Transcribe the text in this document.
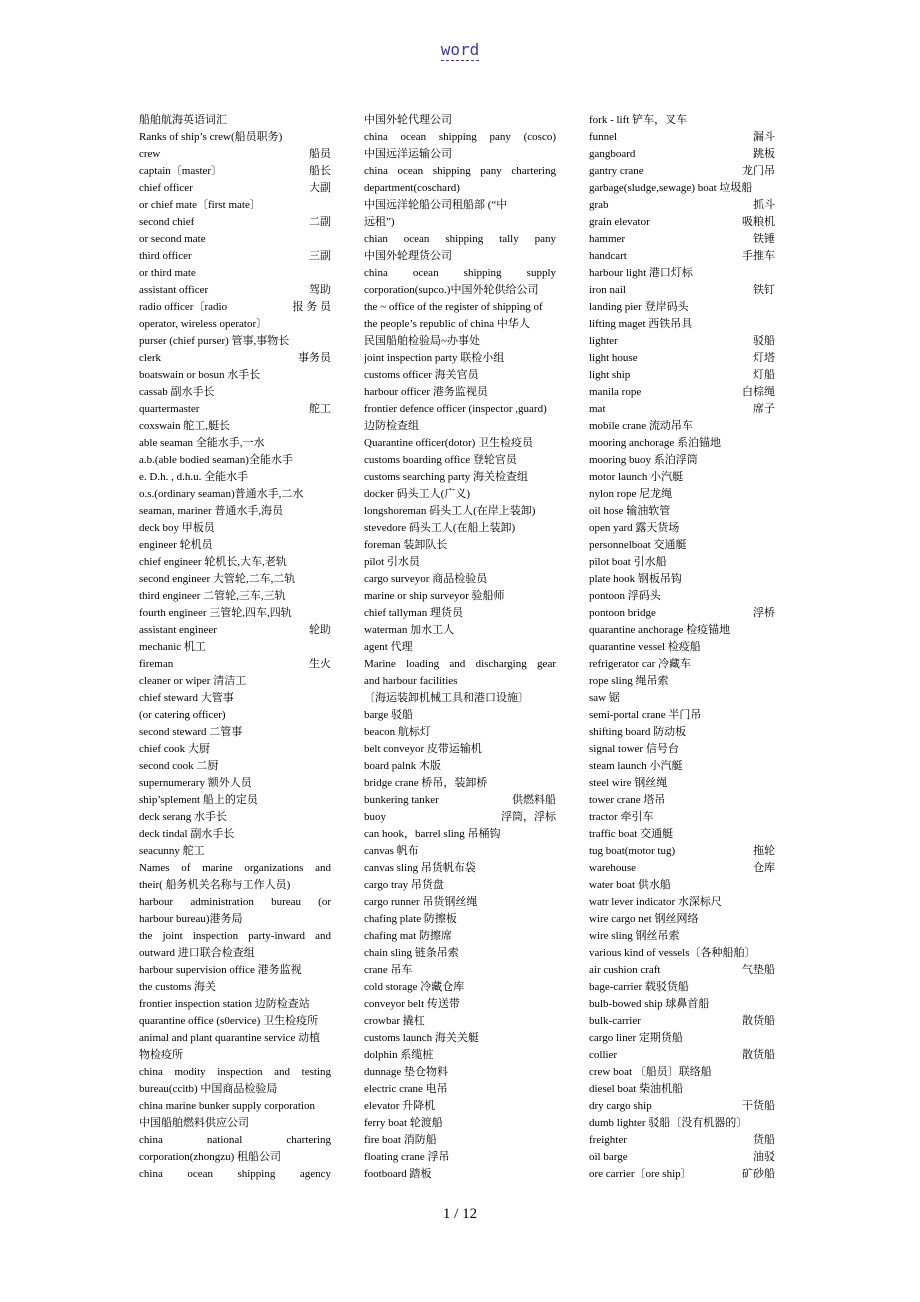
word
船舶航海英语词汇
Ranks of ship’s crew(船员职务)
crew	船员
captain〔master〕	船长
chief officer	大副
or chief mate〔first mate〕
second chief	二副
or second mate
third officer	三副
or third mate
assistant officer	驾助
radio officer〔radio	报 务 员
operator, wireless operator〕
purser (chief purser) 管事,事物长
clerk	事务员
boatswain or bosun 水手长
cassab 副水手长
quartermaster	舵工
coxswain 舵工,艇长
able seaman 全能水手,一水
a.b.(able bodied seaman)全能水手
e. D.h. , d.h.u. 全能水手
o.s.(ordinary seaman)普通水手,二水
seaman, mariner 普通水手,海员
deck boy 甲板员
engineer 轮机员
chief engineer 轮机长,大车,老轨
second engineer 大管轮,二车,二轨
third engineer 二管轮,三车,三轨
fourth engineer 三管轮,四车,四轨
assistant engineer	轮助
mechanic 机工
fireman	生火
cleaner or wiper 清洁工
chief steward 大管事
(or catering officer)
second steward 二管事
chief cook 大厨
second cook 二厨
supernumerary 额外人员
ship’splement 船上的定员
deck serang 水手长
deck tindal 副水手长
seacunny 舵工
Names of marine organizations and
their( 船务机关名称与工作人员)
harbour administration bureau (or
harbour bureau)港务局
the joint inspection party-inward and
outward 进口联合检查组
harbour supervision office 港务监视
the customs 海关
frontier inspection station 边防检查站
quarantine office (s0ervice) 卫生检疫所
animal and plant quarantine service 动植
物检疫所
china modity inspection and testing
bureau(ccitb) 中国商品检验局
china marine bunker supply corporation
中国船舶燃料供应公司
china national chartering
corporation(zhongzu) 租船公司
china ocean shipping agency
中国外轮代理公司
china ocean shipping pany (cosco)
中国远洋运输公司
china ocean shipping pany chartering
department(coschard)
中国远洋轮船公司租船部 (“中
远租”)
chian ocean shipping tally pany
中国外轮理货公司
china ocean shipping supply
corporation(supco.)中国外轮供给公司
the ~ office of the register of shipping of
the people’s republic of china 中华人
民国船舶检验局~办事处
joint inspection party 联检小组
customs officer 海关官员
harbour officer 港务监视员
frontier defence officer (inspector ,guard)
边防检查组
Quarantine officer(dotor) 卫生检疫员
customs boarding office 登轮官员
customs searching party 海关检查组
docker 码头工人(广义)
longshoreman 码头工人(在岸上装卸)
stevedore 码头工人(在船上装卸)
foreman 装卸队长
pilot 引水员
cargo surveyor 商品检验员
marine or ship surveyor 验船师
chief tallyman 理货员
waterman 加水工人
agent 代理
Marine loading and discharging gear
and harbour facilities
〔海运装卸机械工具和港口设施〕
barge 驳船
beacon 航标灯
belt conveyor 皮带运输机
board palnk 木版
bridge crane 桥吊，装卸桥
bunkering tanker	供燃料船
buoy	浮筒，浮标
can hook，barrel sling 吊桶钩
canvas 帆布
canvas sling 吊货帆布袋
cargo tray 吊货盘
cargo runner 吊货钢丝绳
chafing plate 防擦板
chafing mat 防擦席
chain sling 链条吊索
crane 吊车
cold storage 冷藏仓库
conveyor belt 传送带
crowbar 撬杠
customs launch 海关关艇
dolphin 系缆桩
dunnage 垫仓物料
electric crane 电吊
elevator 升降机
ferry boat 轮渡船
fire boat 消防船
floating crane 浮吊
footboard 踏板
fork - lift 铲车，叉车
funnel	漏斗
gangboard	跳板
gantry crane	龙门吊
garbage(sludge,sewage) boat 垃圾船
grab	抓斗
grain elevator	吸粮机
hammer	铁锤
handcart	手推车
harbour light 港口灯标
iron nail	铁钉
landing pier 登岸码头
lifting maget 西铁吊具
lighter	驳船
light house	灯塔
light ship	灯船
manila rope	白棕绳
mat	席子
mobile crane 流动吊车
mooring anchorage 系泊锚地
mooring buoy 系泊浮筒
motor launch 小汽艇
nylon rope 尼龙绳
oil hose 输油软管
open yard 露天货场
personnelboat 交通艇
pilot boat 引水船
plate hook 钢板吊钩
pontoon 浮码头
pontoon bridge	浮桥
quarantine anchorage 检疫锚地
quarantine vessel 检疫船
refrigerator car 冷藏车
rope sling 绳吊索
saw 锯
semi-portal crane 半门吊
shifting board 防动板
signal tower 信号台
steam launch 小汽艇
steel wire 钢丝绳
tower crane 塔吊
tractor 牵引车
traffic boat 交通艇
tug boat(motor tug)	拖轮
warehouse	仓库
water boat 供水船
watr lever indicator 水深标尺
wire cargo net 钢丝网络
wire sling 钢丝吊索
various kind of vessels〔各种船舶〕
air cushion craft	气垫船
bage-carrier 载驳货船
bulb-bowed ship 球鼻首船
bulk-carrier	散货船
cargo liner 定期货船
collier	散货船
crew boat 〔船员〕联络船
diesel boat 柴油机船
dry cargo ship	干货船
dumb lighter 驳船〔没有机器的〕
freighter	货船
oil barge	油驳
ore carrier〔ore ship〕	矿砂船
1 / 12
